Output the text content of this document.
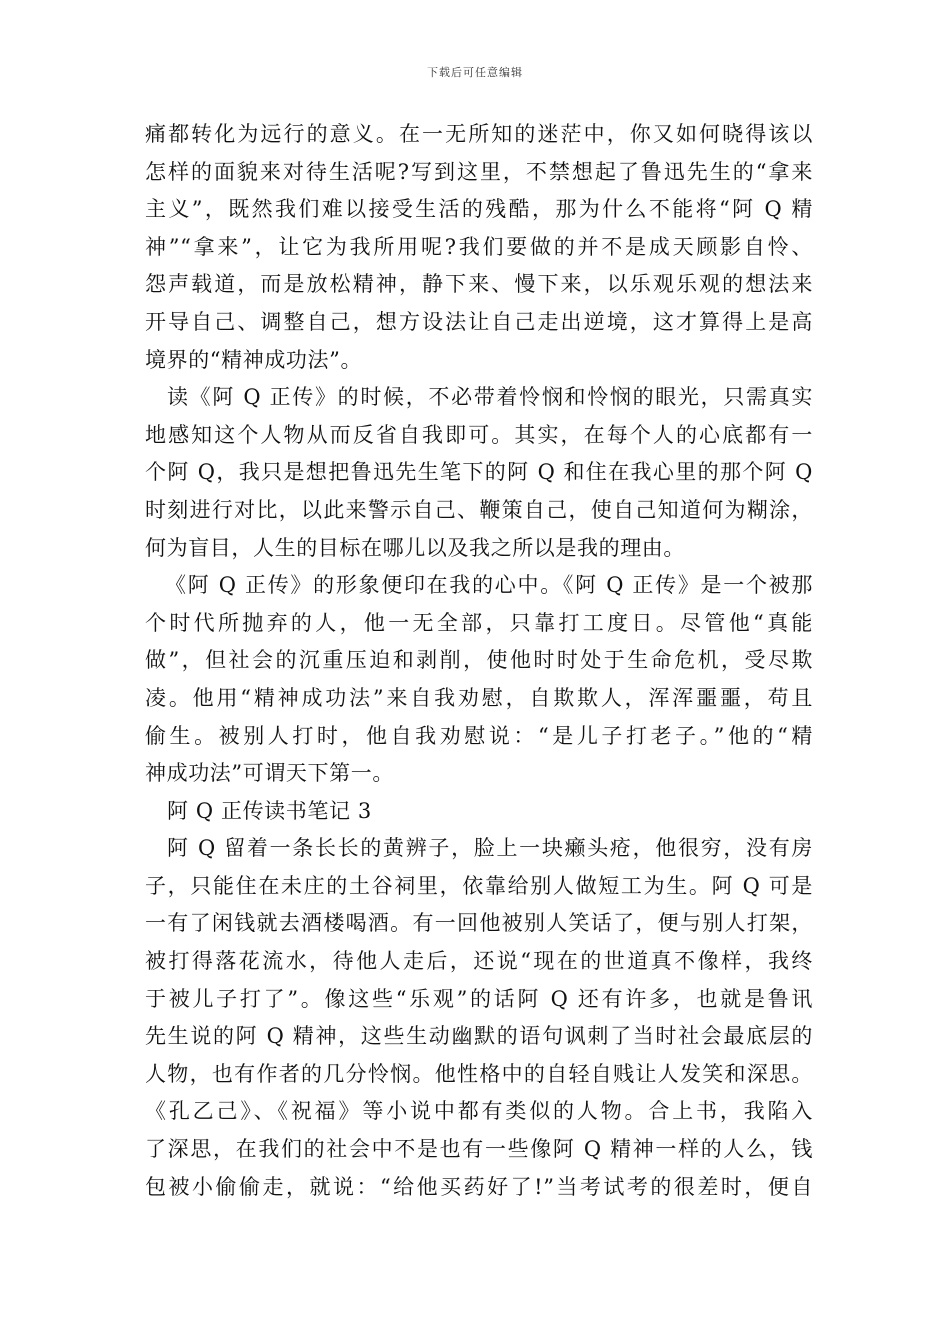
下载后可任意编辑
痛都转化为远行的意义。在一无所知的迷茫中，你又如何晓得该以
怎样的面貌来对待生活呢?写到这里，不禁想起了鲁迅先生的“拿来
主义”，既然我们难以接受生活的残酷，那为什么不能将“阿 Q 精
神”“拿来”，让它为我所用呢?我们要做的并不是成天顾影自怜、
怨声载道，而是放松精神，静下来、慢下来，以乐观乐观的想法来
开导自己、调整自己，想方设法让自己走出逆境，这才算得上是高
境界的“精神成功法”。
读《阿 Q 正传》的时候，不必带着怜悯和怜悯的眼光，只需真实
地感知这个人物从而反省自我即可。其实，在每个人的心底都有一
个阿 Q，我只是想把鲁迅先生笔下的阿 Q 和住在我心里的那个阿 Q
时刻进行对比，以此来警示自己、鞭策自己，使自己知道何为糊涂，
何为盲目，人生的目标在哪儿以及我之所以是我的理由。
《阿 Q 正传》的形象便印在我的心中。《阿 Q 正传》是一个被那
个时代所抛弃的人，他一无全部，只靠打工度日。尽管他“真能
做”，但社会的沉重压迫和剥削，使他时时处于生命危机，受尽欺
凌。他用“精神成功法”来自我劝慰，自欺欺人，浑浑噩噩，苟且
偷生。被别人打时，他自我劝慰说：“是儿子打老子。”他的“精
神成功法”可谓天下第一。
阿 Q 正传读书笔记 3
阿 Q 留着一条长长的黄辨子，脸上一块癞头疮，他很穷，没有房
子，只能住在未庄的土谷祠里，依靠给别人做短工为生。阿 Q 可是
一有了闲钱就去酒楼喝酒。有一回他被别人笑话了，便与别人打架，
被打得落花流水，待他人走后，还说“现在的世道真不像样，我终
于被儿子打了”。像这些“乐观”的话阿 Q 还有许多，也就是鲁讯
先生说的阿 Q 精神，这些生动幽默的语句讽刺了当时社会最底层的
人物，也有作者的几分怜悯。他性格中的自轻自贱让人发笑和深思。
《孔乙己》、《祝福》等小说中都有类似的人物。合上书，我陷入
了深思，在我们的社会中不是也有一些像阿 Q 精神一样的人么，钱
包被小偷偷走，就说：“给他买药好了!”当考试考的很差时，便自
